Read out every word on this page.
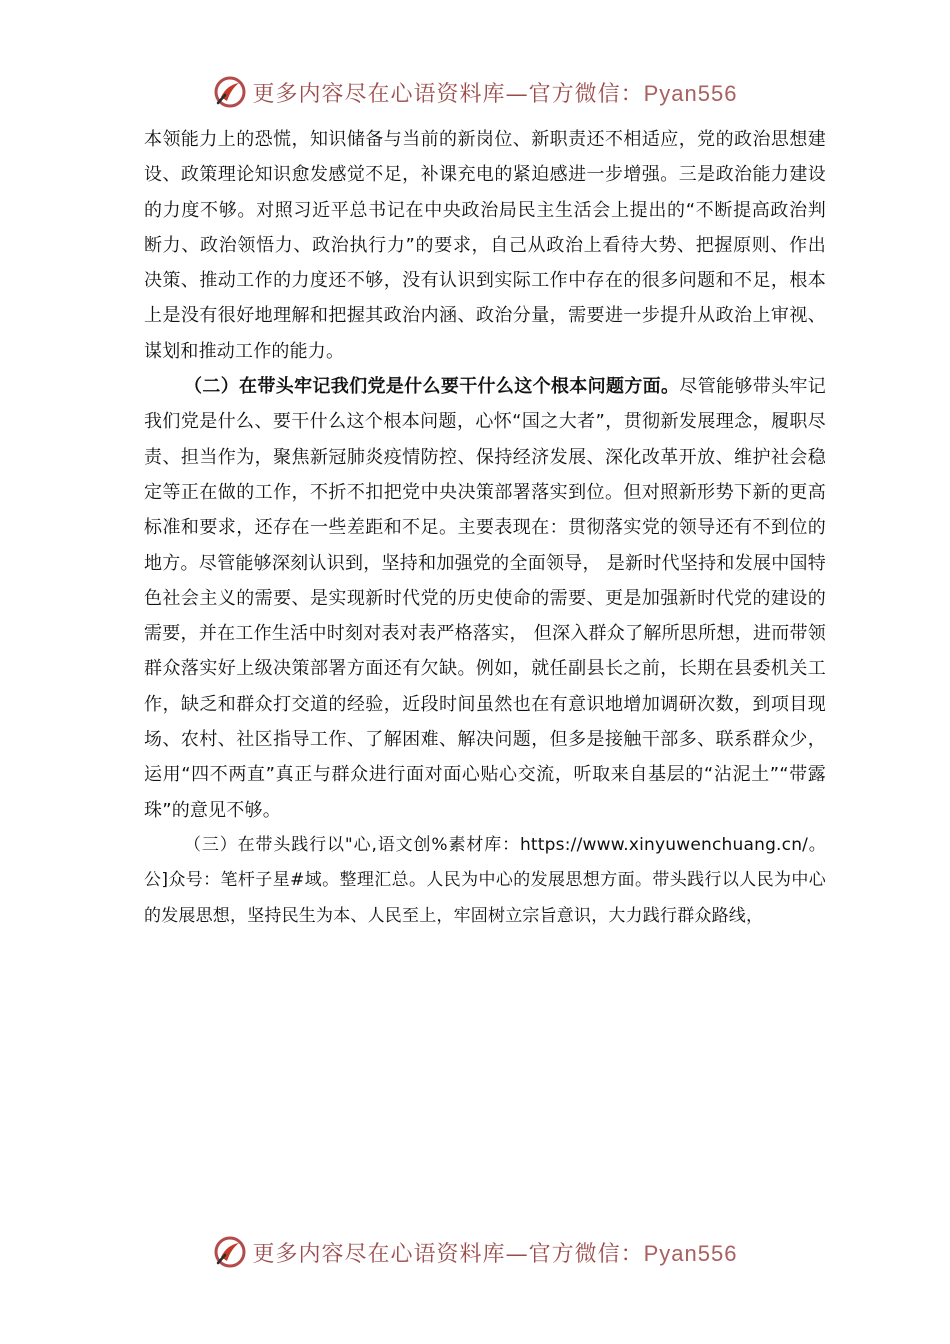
更多内容尽在心语资料库—官方微信：Pyan556

本领能力上的恐慌，知识储备与当前的新岗位、新职责还不相适应，党的政治思想建设、政策理论知识愈发感觉不足，补课充电的紧迫感进一步增强。三是政治能力建设的力度不够。对照习近平总书记在中央政治局民主生活会上提出的“不断提高政治判断力、政治领悟力、政治执行力”的要求，自己从政治上看待大势、把握原则、作出决策、推动工作的力度还不够，没有认识到实际工作中存在的很多问题和不足，根本上是没有很好地理解和把握其政治内涵、政治分量，需要进一步提升从政治上审视、谋划和推动工作的能力。

（二）在带头牢记我们党是什么要干什么这个根本问题方面。尽管能够带头牢记我们党是什么、要干什么这个根本问题，心怀“国之大者”，贯彻新发展理念，履职尽责、担当作为，聚焦新冠肺炎疫情防控、保持经济发展、深化改革开放、维护社会稳定等正在做的工作，不折不扣把党中央决策部署落实到位。但对照新形势下新的更高标准和要求，还存在一些差距和不足。主要表现在：贯彻落实党的领导还有不到位的地方。尽管能够深刻认识到，坚持和加强党的全面领导， 是新时代坚持和发展中国特色社会主义的需要、是实现新时代党的历史使命的需要、更是加强新时代党的建设的需要，并在工作生活中时刻对表对表严格落实， 但深入群众了解所思所想，进而带领群众落实好上级决策部署方面还有欠缺。例如，就任副县长之前，长期在县委机关工作，缺乏和群众打交道的经验，近段时间虽然也在有意识地增加调研次数，到项目现场、农村、社区指导工作、了解困难、解决问题，但多是接触干部多、联系群众少，运用“四不两直”真正与群众进行面对面心贴心交流，听取来自基层的“沾泥土”“带露珠”的意见不够。

（三）在带头践行以"心,语文创%素材库：https://www.xinyuwenchuang.cn/。公]众号：笔杆子星#域。整理汇总。人民为中心的发展思想方面。带头践行以人民为中心的发展思想，坚持民生为本、人民至上，牢固树立宗旨意识，大力践行群众路线，

更多内容尽在心语资料库—官方微信：Pyan556
